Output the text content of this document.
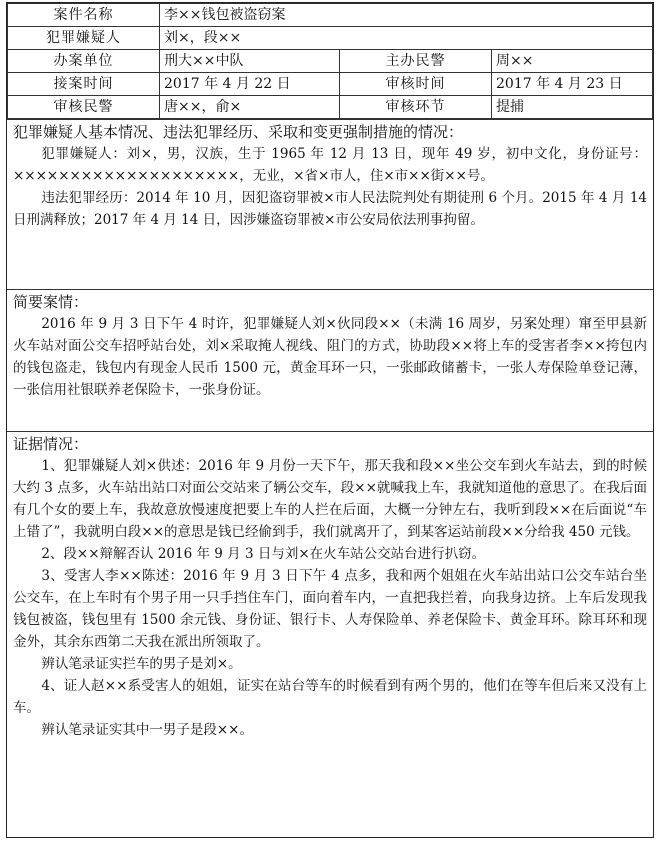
案件名称	李××钱包被盗窃案		
犯罪嫌疑人	刘×，段××		
办案单位	刑大××中队	主办民警	周××
接案时间	2017 年 4 月 22 日	审核时间	2017 年 4 月 23 日
审核民警	唐××，俞×	审核环节	提捕
犯罪嫌疑人基本情况、违法犯罪经历、采取和变更强制措施的情况：

犯罪嫌疑人：刘×，男，汉族，生于 1965 年 12 月 13 日，现年 49 岁，初中文化，身份证号：××××××××××××××××××××，无业，×省×市人，住×市××街××号。

违法犯罪经历：2014 年 10 月，因犯盗窃罪被×市人民法院判处有期徒刑 6 个月。2015 年 4 月 14 日刑满释放；2017 年 4 月 14 日，因涉嫌盗窃罪被×市公安局依法刑事拘留。

简要案情：

2016 年 9 月 3 日下午 4 时许，犯罪嫌疑人刘×伙同段××（未满 16 周岁，另案处理）窜至甲县新火车站对面公交车招呼站台处，刘×采取掩人视线、阻门的方式，协助段××将上车的受害者李××挎包内的钱包盗走，钱包内有现金人民币 1500 元，黄金耳环一只，一张邮政储蓄卡，一张人寿保险单登记薄，一张信用社银联养老保险卡，一张身份证。

证据情况：

1、犯罪嫌疑人刘×供述：2016 年 9 月份一天下午，那天我和段××坐公交车到火车站去，到的时候大约 3 点多，火车站出站口对面公交站来了辆公交车，段××就喊我上车，我就知道他的意思了。在我后面有几个女的要上车，我故意放慢速度把要上车的人拦在后面，大概一分钟左右，我听到段××在后面说“车上错了”，我就明白段××的意思是钱已经偷到手，我们就离开了，到某客运站前段××分给我 450 元钱。

2、段××辩解否认 2016 年 9 月 3 日与刘×在火车站公交站台进行扒窃。

3、受害人李××陈述：2016 年 9 月 3 日下午 4 点多，我和两个姐姐在火车站出站口公交车站台坐公交车，在上车时有个男子用一只手挡住车门，面向着车内，一直把我拦着，向我身边挤。上车后发现我钱包被盗，钱包里有 1500 余元钱、身份证、银行卡、人寿保险单、养老保险卡、黄金耳环。除耳环和现金外，其余东西第二天我在派出所领取了。

辨认笔录证实拦车的男子是刘×。

4、证人赵××系受害人的姐姐，证实在站台等车的时候看到有两个男的，他们在等车但后来又没有上车。

辨认笔录证实其中一男子是段××。
